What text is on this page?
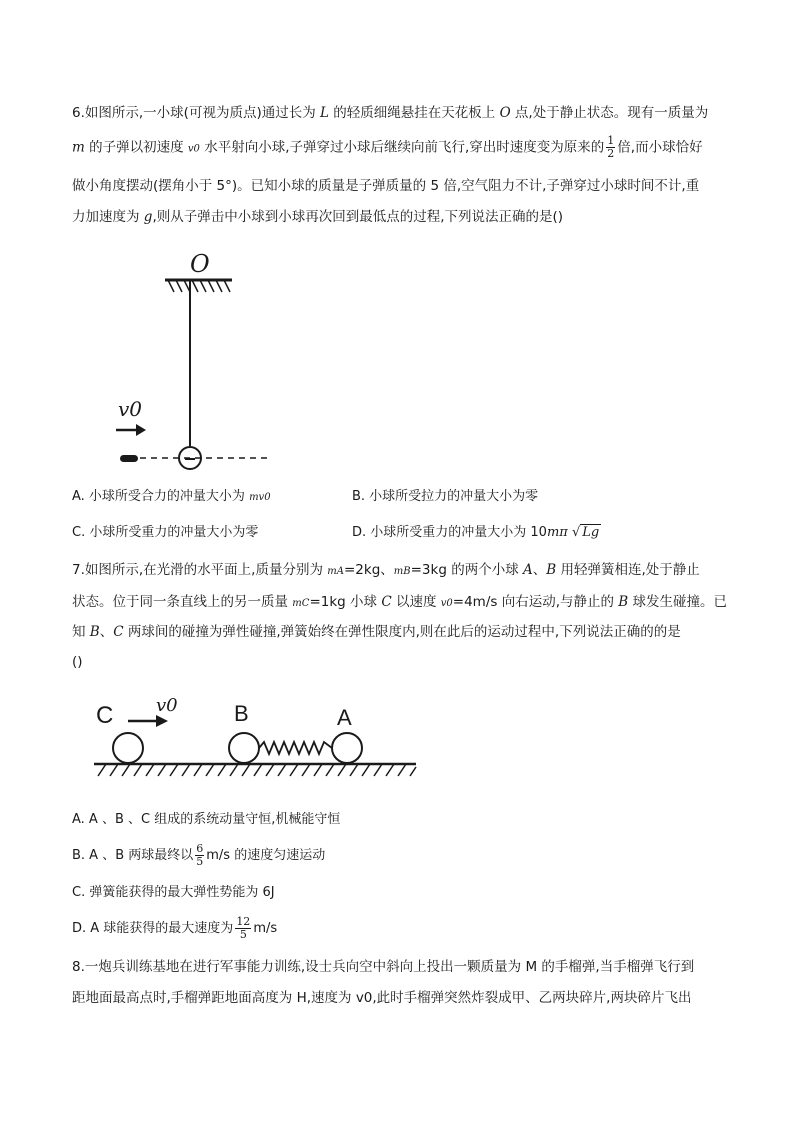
6.如图所示,一小球(可视为质点)通过长为 L 的轻质细绳悬挂在天花板上 O 点,处于静止状态。现有一质量为
m 的子弹以初速度 v0 水平射向小球,子弹穿过小球后继续向前飞行,穿出时速度变为原来的 $\frac{1}{2}$ 倍,而小球恰好
做小角度摆动(摆角小于 5°)。已知小球的质量是子弹质量的 5 倍,空气阻力不计,子弹穿过小球时间不计,重
力加速度为 g,则从子弹击中小球到小球再次回到最低点的过程,下列说法正确的是()
O
v0
A. 小球所受合力的冲量大小为 mv0	B. 小球所受拉力的冲量大小为零
C. 小球所受重力的冲量大小为零	D. 小球所受重力的冲量大小为 10mπ √ Lg
7.如图所示,在光滑的水平面上,质量分别为 mA=2kg、mB=3kg 的两个小球 A、B 用轻弹簧相连,处于静止
状态。位于同一条直线上的另一质量 mC=1kg 小球 C 以速度 v0=4m/s 向右运动,与静止的 B 球发生碰撞。已
知 B、C 两球间的碰撞为弹性碰撞,弹簧始终在弹性限度内,则在此后的运动过程中,下列说法正确的的是
()
C v0	B	A
A. A 、B 、C 组成的系统动量守恒,机械能守恒
B. A 、B 两球最终以 $\frac{6}{5} m/s$ 的速度匀速运动
C. 弹簧能获得的最大弹性势能为 6J
D. A 球能获得的最大速度为 $\frac{12}{5} m/s$
8.一炮兵训练基地在进行军事能力训练,设士兵向空中斜向上投出一颗质量为 M 的手榴弹,当手榴弹飞行到
距地面最高点时,手榴弹距地面高度为 H,速度为 v0,此时手榴弹突然炸裂成甲、乙两块碎片,两块碎片飞出
